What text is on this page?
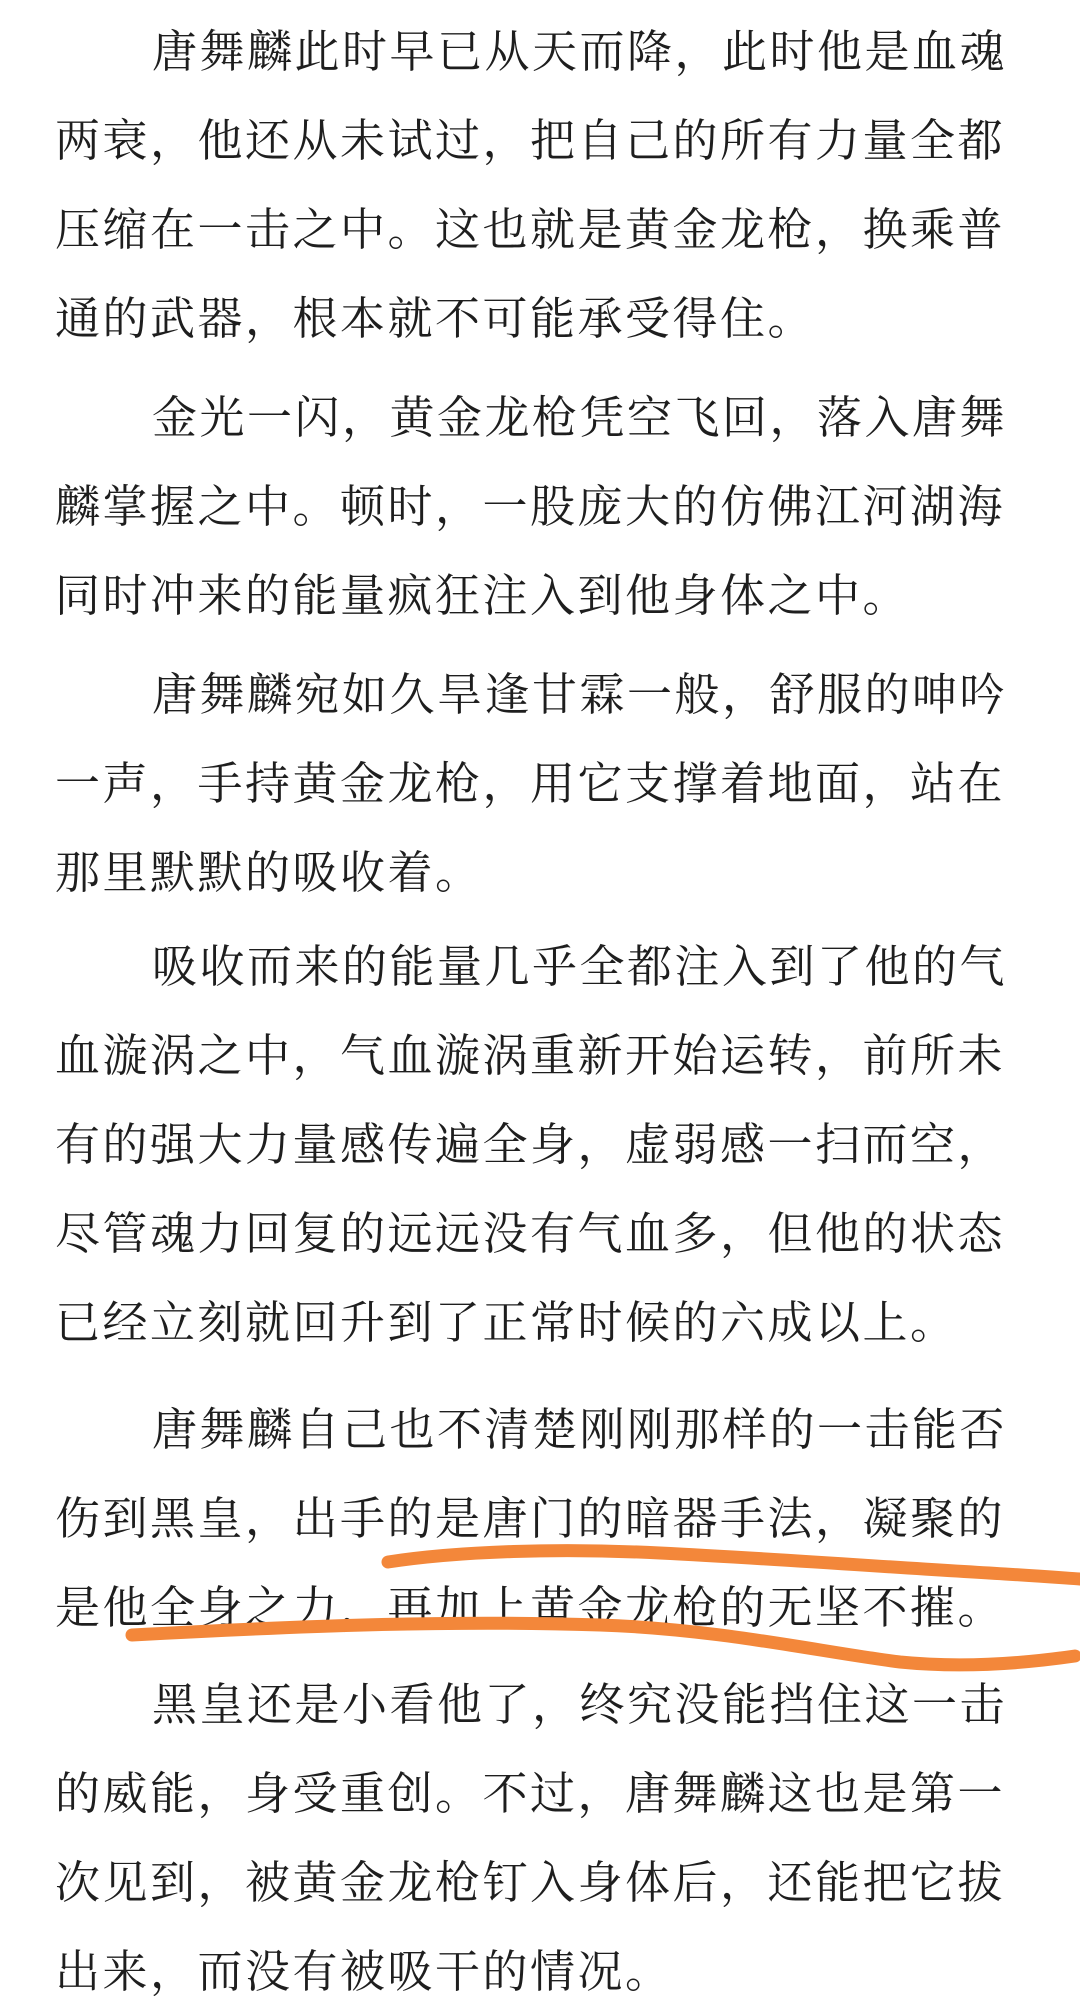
唐舞麟此时早已从天而降，此时他是血魂
两衰，他还从未试过，把自己的所有力量全都
压缩在一击之中。这也就是黄金龙枪，换乘普
通的武器，根本就不可能承受得住。

金光一闪，黄金龙枪凭空飞回，落入唐舞
麟掌握之中。顿时，一股庞大的仿佛江河湖海
同时冲来的能量疯狂注入到他身体之中。

唐舞麟宛如久旱逢甘霖一般，舒服的呻吟
一声，手持黄金龙枪，用它支撑着地面，站在
那里默默的吸收着。

吸收而来的能量几乎全都注入到了他的气
血漩涡之中，气血漩涡重新开始运转，前所未
有的强大力量感传遍全身，虚弱感一扫而空，
尽管魂力回复的远远没有气血多，但他的状态
已经立刻就回升到了正常时候的六成以上。

唐舞麟自己也不清楚刚刚那样的一击能否
伤到黑皇，出手的是唐门的暗器手法，凝聚的
是他全身之力，再加上黄金龙枪的无坚不摧。

黑皇还是小看他了，终究没能挡住这一击
的威能，身受重创。不过，唐舞麟这也是第一
次见到，被黄金龙枪钉入身体后，还能把它拔
出来，而没有被吸干的情况。
